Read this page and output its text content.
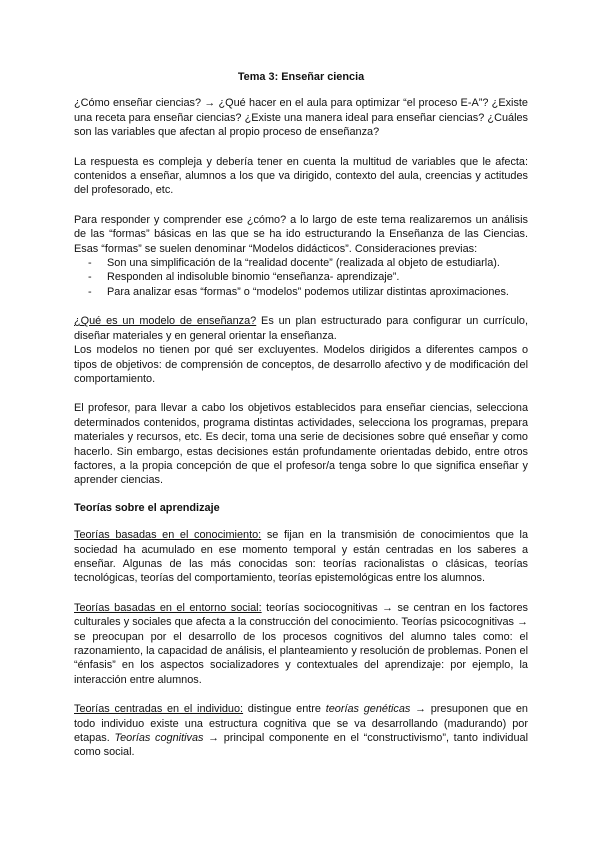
Tema 3: Enseñar ciencia

¿Cómo enseñar ciencias? → ¿Qué hacer en el aula para optimizar “el proceso E-A”? ¿Existe una receta para enseñar ciencias? ¿Existe una manera ideal para enseñar ciencias? ¿Cuáles son las variables que afectan al propio proceso de enseñanza?

La respuesta es compleja y debería tener en cuenta la multitud de variables que le afecta: contenidos a enseñar, alumnos a los que va dirigido, contexto del aula, creencias y actitudes del profesorado, etc.

Para responder y comprender ese ¿cómo? a lo largo de este tema realizaremos un análisis de las “formas” básicas en las que se ha ido estructurando la Enseñanza de las Ciencias. Esas “formas” se suelen denominar “Modelos didácticos”. Consideraciones previas:

- Son una simplificación de la “realidad docente” (realizada al objeto de estudiarla).
- Responden al indisoluble binomio “enseñanza- aprendizaje”.
- Para analizar esas “formas” o “modelos” podemos utilizar distintas aproximaciones.

¿Qué es un modelo de enseñanza? Es un plan estructurado para configurar un currículo, diseñar materiales y en general orientar la enseñanza.

Los modelos no tienen por qué ser excluyentes. Modelos dirigidos a diferentes campos o tipos de objetivos: de comprensión de conceptos, de desarrollo afectivo y de modificación del comportamiento.

El profesor, para llevar a cabo los objetivos establecidos para enseñar ciencias, selecciona determinados contenidos, programa distintas actividades, selecciona los programas, prepara materiales y recursos, etc. Es decir, toma una serie de decisiones sobre qué enseñar y como hacerlo. Sin embargo, estas decisiones están profundamente orientadas debido, entre otros factores, a la propia concepción de que el profesor/a tenga sobre lo que significa enseñar y aprender ciencias.

Teorías sobre el aprendizaje

Teorías basadas en el conocimiento: se fijan en la transmisión de conocimientos que la sociedad ha acumulado en ese momento temporal y están centradas en los saberes a enseñar. Algunas de las más conocidas son: teorías racionalistas o clásicas, teorías tecnológicas, teorías del comportamiento, teorías epistemológicas entre los alumnos.

Teorías basadas en el entorno social: teorías sociocognitivas → se centran en los factores culturales y sociales que afecta a la construcción del conocimiento. Teorías psicocognitivas → se preocupan por el desarrollo de los procesos cognitivos del alumno tales como: el razonamiento, la capacidad de análisis, el planteamiento y resolución de problemas. Ponen el “énfasis” en los aspectos socializadores y contextuales del aprendizaje: por ejemplo, la interacción entre alumnos.

Teorías centradas en el individuo: distingue entre teorías genéticas → presuponen que en todo individuo existe una estructura cognitiva que se va desarrollando (madurando) por etapas. Teorías cognitivas → principal componente en el “constructivismo”, tanto individual como social.
